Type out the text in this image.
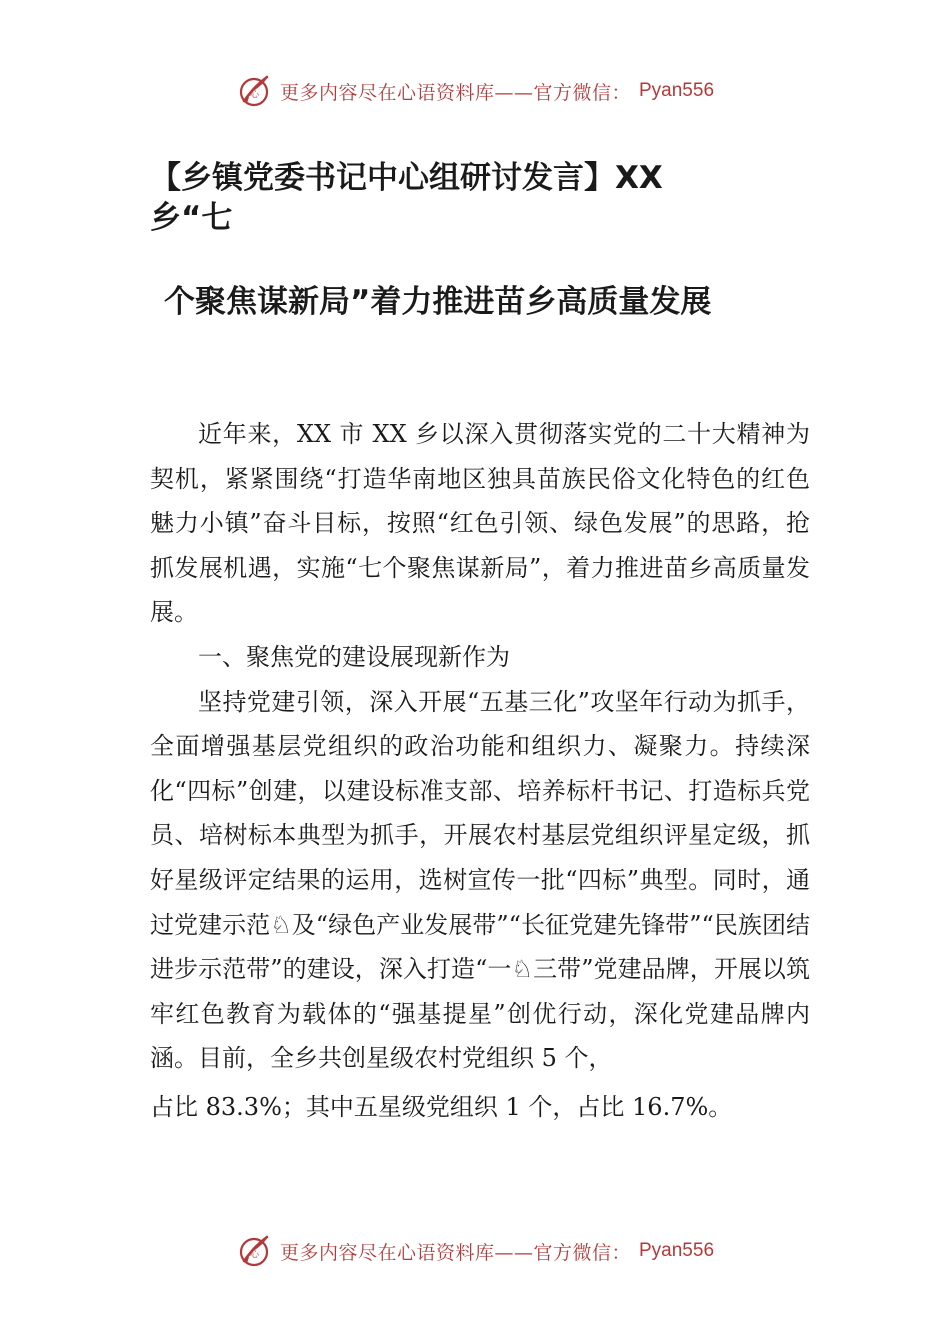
心 更多内容尽在心语资料库——官方微信： Pyan556
【乡镇党委书记中心组研讨发言】XX
乡“七
个聚焦谋新局”着力推进苗乡高质量发展

近年来，XX 市 XX 乡以深入贯彻落实党的二十大精神为契机，紧紧围绕“打造华南地区独具苗族民俗文化特色的红色魅力小镇”奋斗目标，按照“红色引领、绿色发展”的思路，抢抓发展机遇，实施“七个聚焦谋新局”，着力推进苗乡高质量发展。

一、聚焦党的建设展现新作为

坚持党建引领，深入开展“五基三化”攻坚年行动为抓手，全面增强基层党组织的政治功能和组织力、凝聚力。持续深化“四标”创建，以建设标准支部、培养标杆书记、打造标兵党员、培树标本典型为抓手，开展农村基层党组织评星定级，抓好星级评定结果的运用，选树宣传一批“四标”典型。同时，通过党建示范♘及“绿色产业发展带”“长征党建先锋带”“民族团结进步示范带”的建设，深入打造“一♘三带”党建品牌，开展以筑牢红色教育为载体的“强基提星”创优行动，深化党建品牌内涵。目前，全乡共创星级农村党组织 5 个，

占比 83.3%；其中五星级党组织 1 个，占比 16.7%。

心 更多内容尽在心语资料库——官方微信： Pyan556
